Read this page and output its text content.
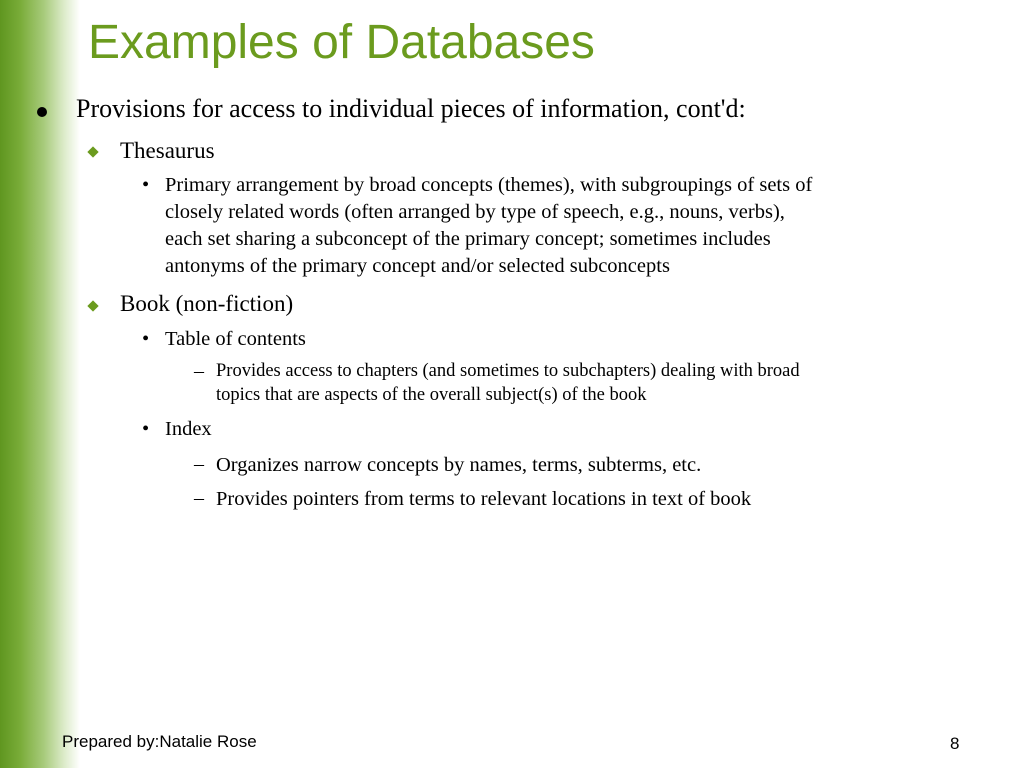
Examples of Databases

Provisions for access to individual pieces of information, cont'd:

Thesaurus

• Primary arrangement by broad concepts (themes), with subgroupings of sets of

closely related words (often arranged by type of speech, e.g., nouns, verbs),

each set sharing a subconcept of the primary concept; sometimes includes

antonyms of the primary concept and/or selected subconcepts

Book (non-fiction)

• Table of contents

– Provides access to chapters (and sometimes to subchapters) dealing with broad

topics that are aspects of the overall subject(s) of the book

• Index

– Organizes narrow concepts by names, terms, subterms, etc.

– Provides pointers from terms to relevant locations in text of book

Prepared by:Natalie Rose	8
